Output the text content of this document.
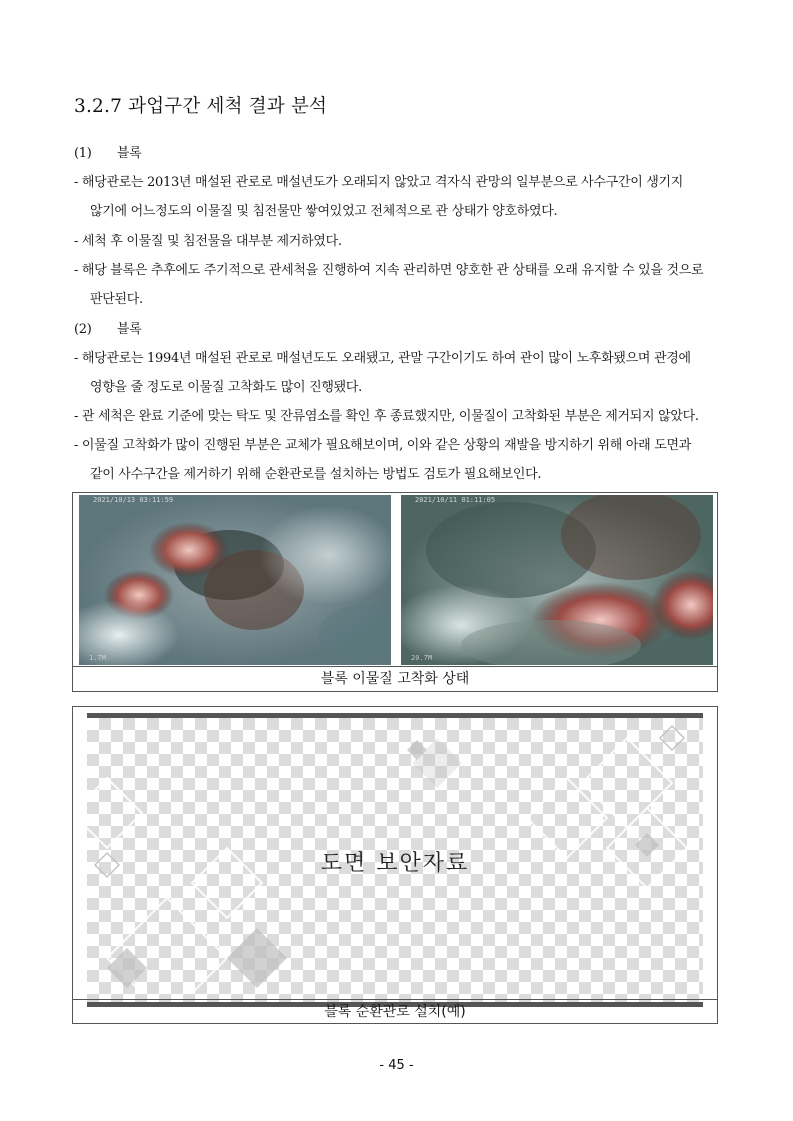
3.2.7 과업구간 세척 결과 분석
(1)　　블록
- 해당관로는 2013년 매설된 관로로 매설년도가 오래되지 않았고 격자식 관망의 일부분으로 사수구간이 생기지
않기에 어느정도의 이물질 및 침전물만 쌓여있었고 전체적으로 관 상태가 양호하였다.
- 세척 후 이물질 및 침전물을 대부분 제거하였다.
- 해당 블록은 추후에도 주기적으로 관세척을 진행하여 지속 관리하면 양호한 관 상태를 오래 유지할 수 있을 것으로
판단된다.
(2)　　블록
- 해당관로는 1994년 매설된 관로로 매설년도도 오래됐고, 관말 구간이기도 하여 관이 많이 노후화됐으며 관경에
영향을 줄 정도로 이물질 고착화도 많이 진행됐다.
- 관 세척은 완료 기준에 맞는 탁도 및 잔류염소를 확인 후 종료했지만, 이물질이 고착화된 부분은 제거되지 않았다.
- 이물질 고착화가 많이 진행된 부분은 교체가 필요해보이며, 이와 같은 상황의 재발을 방지하기 위해 아래 도면과
같이 사수구간을 제거하기 위해 순환관로를 설치하는 방법도 검토가 필요해보인다.
2021/10/13 03:11:59
1.7M
2021/10/11 01:11:05
20.7M
블록 이물질 고착화 상태
도면 보안자료
블록 순환관로 설치(예)
- 45 -
